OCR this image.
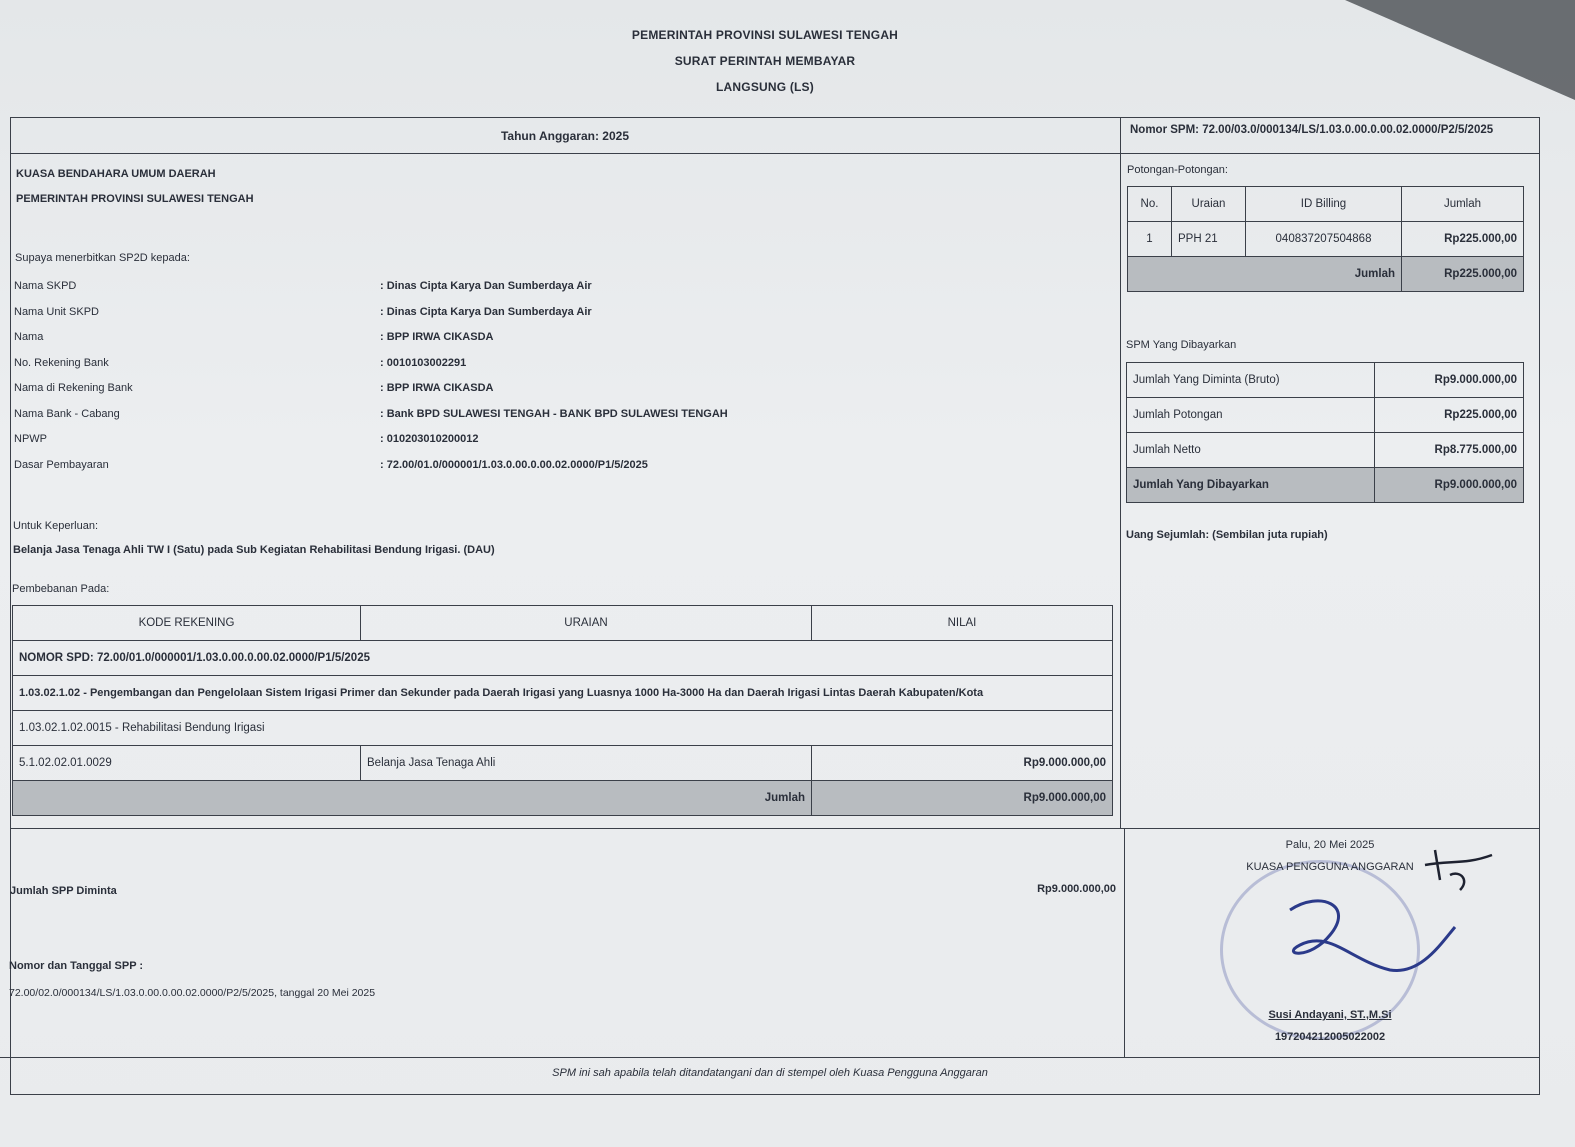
PEMERINTAH PROVINSI SULAWESI TENGAH
SURAT PERINTAH MEMBAYAR
LANGSUNG (LS)
Tahun Anggaran: 2025	Nomor SPM: 72.00/03.0/000134/LS/1.03.0.00.0.00.02.0000/P2/5/2025
KUASA BENDAHARA UMUM DAERAH
PEMERINTAH PROVINSI SULAWESI TENGAH
Supaya menerbitkan SP2D kepada:
Nama SKPD	: Dinas Cipta Karya Dan Sumberdaya Air
Nama Unit SKPD	: Dinas Cipta Karya Dan Sumberdaya Air
Nama	: BPP IRWA CIKASDA
No. Rekening Bank	: 0010103002291
Nama di Rekening Bank	: BPP IRWA CIKASDA
Nama Bank - Cabang	: Bank BPD SULAWESI TENGAH - BANK BPD SULAWESI TENGAH
NPWP	: 010203010200012
Dasar Pembayaran	: 72.00/01.0/000001/1.03.0.00.0.00.02.0000/P1/5/2025
Untuk Keperluan:
Belanja Jasa Tenaga Ahli TW I (Satu) pada Sub Kegiatan Rehabilitasi Bendung Irigasi. (DAU)
Pembebanan Pada:
KODE REKENING	URAIAN	NILAI
NOMOR SPD: 72.00/01.0/000001/1.03.0.00.0.00.02.0000/P1/5/2025		
1.03.02.1.02 - Pengembangan dan Pengelolaan Sistem Irigasi Primer dan Sekunder pada Daerah Irigasi yang Luasnya 1000 Ha-3000 Ha dan Daerah Irigasi Lintas Daerah Kabupaten/Kota		
1.03.02.1.02.0015 - Rehabilitasi Bendung Irigasi		
5.1.02.02.01.0029	Belanja Jasa Tenaga Ahli	Rp9.000.000,00
Jumlah		Rp9.000.000,00
Potongan-Potongan:
No.	Uraian	ID Billing	Jumlah
1	PPH 21	040837207504868	Rp225.000,00
Jumlah			Rp225.000,00
SPM Yang Dibayarkan
Jumlah Yang Diminta (Bruto)	Rp9.000.000,00
Jumlah Potongan	Rp225.000,00
Jumlah Netto	Rp8.775.000,00
Jumlah Yang Dibayarkan	Rp9.000.000,00
Uang Sejumlah: (Sembilan juta rupiah)
Jumlah SPP Diminta	Rp9.000.000,00
Nomor dan Tanggal SPP :
72.00/02.0/000134/LS/1.03.0.00.0.00.02.0000/P2/5/2025, tanggal 20 Mei 2025
Palu, 20 Mei 2025
KUASA PENGGUNA ANGGARAN
Susi Andayani, ST.,M.Si
197204212005022002
SPM ini sah apabila telah ditandatangani dan di stempel oleh Kuasa Pengguna Anggaran
